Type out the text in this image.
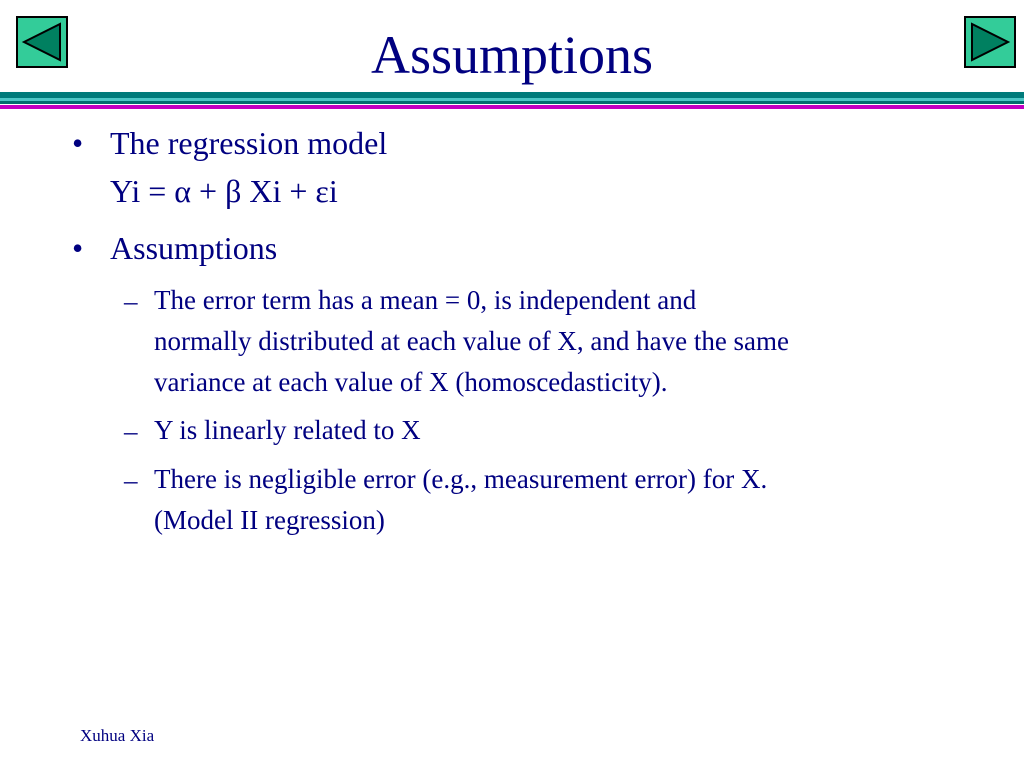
Assumptions
• The regression model
Yi = α + β Xi + εi
• Assumptions
– The error term has a mean = 0, is independent and
normally distributed at each value of X, and have the same
variance at each value of X (homoscedasticity).
– Y is linearly related to X
– There is negligible error (e.g., measurement error) for X.
(Model II regression)
Xuhua Xia
